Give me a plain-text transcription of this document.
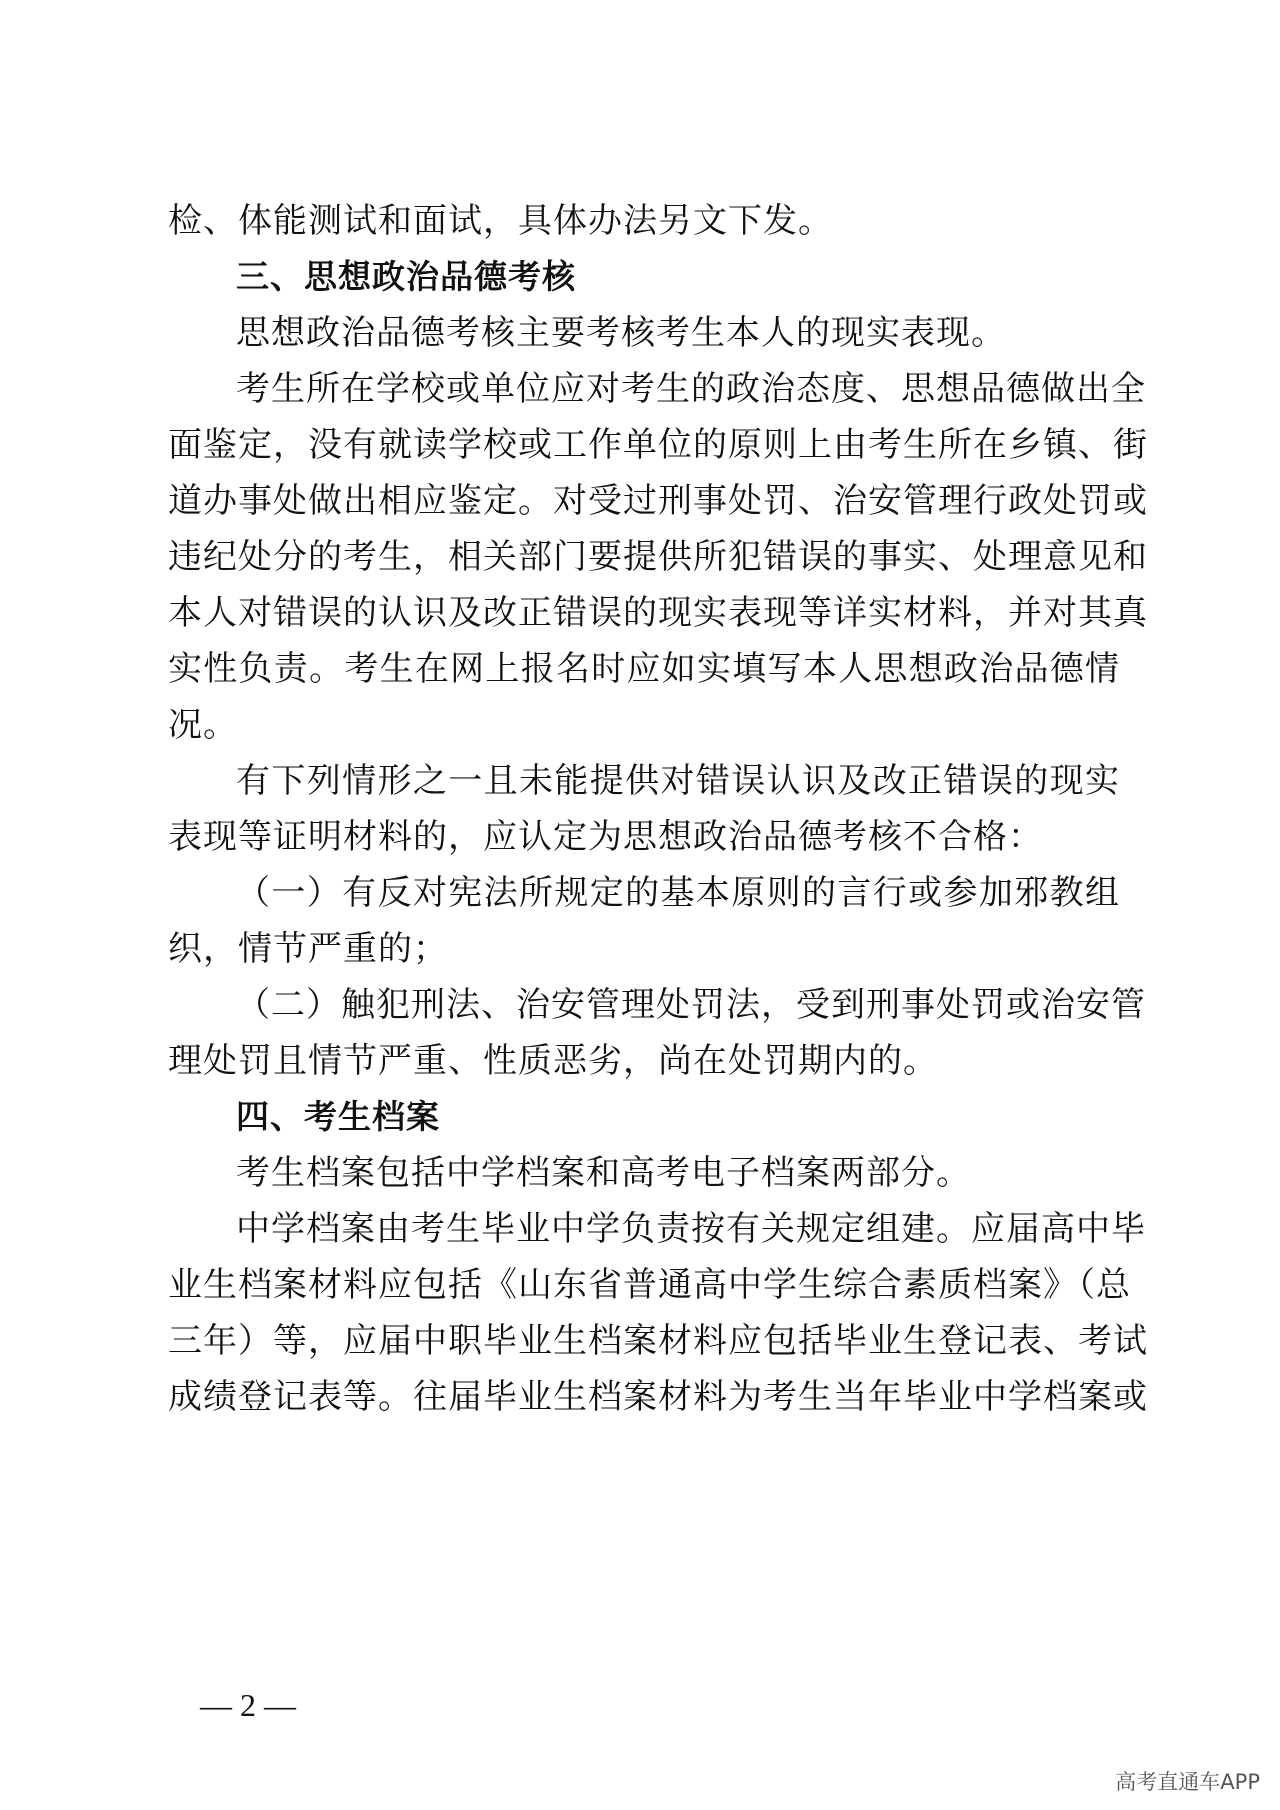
检、体能测试和面试，具体办法另文下发。
三、思想政治品德考核
思想政治品德考核主要考核考生本人的现实表现。
考生所在学校或单位应对考生的政治态度、思想品德做出全
面鉴定，没有就读学校或工作单位的原则上由考生所在乡镇、街
道办事处做出相应鉴定。对受过刑事处罚、治安管理行政处罚或
违纪处分的考生，相关部门要提供所犯错误的事实、处理意见和
本人对错误的认识及改正错误的现实表现等详实材料，并对其真
实性负责。考生在网上报名时应如实填写本人思想政治品德情
况。
有下列情形之一且未能提供对错误认识及改正错误的现实
表现等证明材料的，应认定为思想政治品德考核不合格：
（一）有反对宪法所规定的基本原则的言行或参加邪教组
织，情节严重的；
（二）触犯刑法、治安管理处罚法，受到刑事处罚或治安管
理处罚且情节严重、性质恶劣，尚在处罚期内的。
四、考生档案
考生档案包括中学档案和高考电子档案两部分。
中学档案由考生毕业中学负责按有关规定组建。应届高中毕
业生档案材料应包括《山东省普通高中学生综合素质档案》（总
三年）等，应届中职毕业生档案材料应包括毕业生登记表、考试
成绩登记表等。往届毕业生档案材料为考生当年毕业中学档案或
— 2 —
高考直通车APP
